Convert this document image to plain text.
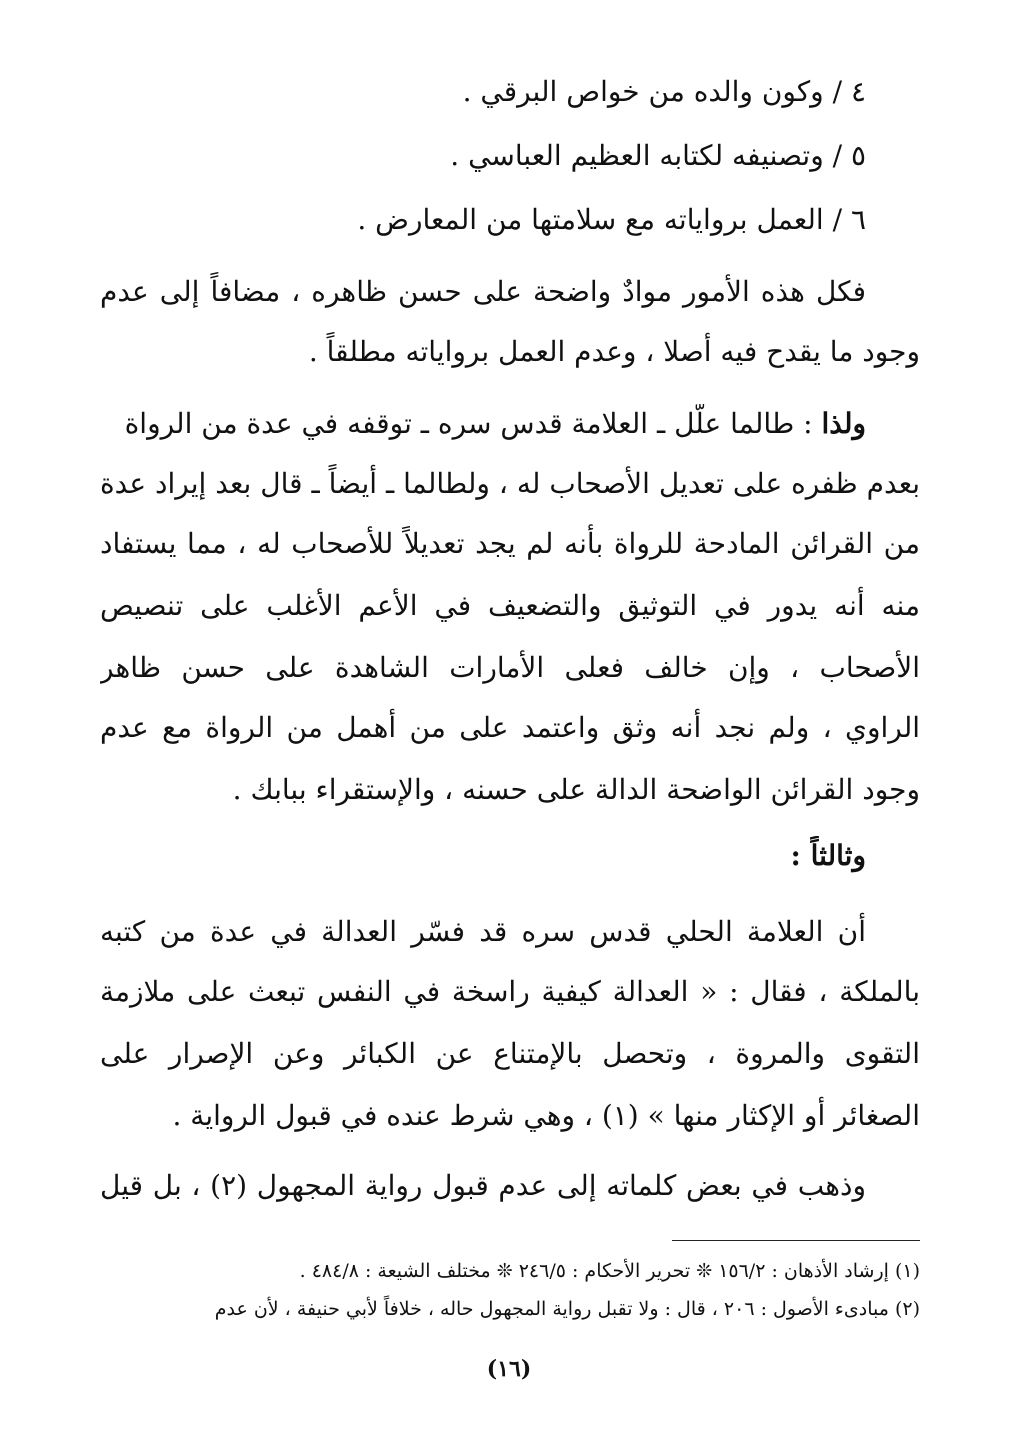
٤ / وكون والده من خواص البرقي .
٥ / وتصنيفه لكتابه العظيم العباسي .
٦ / العمل برواياته مع سلامتها من المعارض .
فكل هذه الأمور موادٌ واضحة على حسن ظاهره ، مضافاً إلى عدم
وجود ما يقدح فيه أصلا ، وعدم العمل برواياته مطلقاً .
ولذا : طالما علّل ـ العلامة قدس سره ـ توقفه في عدة من الرواة
بعدم ظفره على تعديل الأصحاب له ، ولطالما ـ أيضاً ـ قال بعد إيراد عدة
من القرائن المادحة للرواة بأنه لم يجد تعديلاً للأصحاب له ، مما يستفاد
منه أنه يدور في التوثيق والتضعيف في الأعم الأغلب على تنصيص
الأصحاب ، وإن خالف فعلى الأمارات الشاهدة على حسن ظاهر
الراوي ، ولم نجد أنه وثق واعتمد على من أُهمل من الرواة مع عدم
وجود القرائن الواضحة الدالة على حسنه ، والإستقراء ببابك .
وثالثاً :
أن العلامة الحلي قدس سره قد فسّر العدالة في عدة من كتبه
بالملكة ، فقال : « العدالة كيفية راسخة في النفس تبعث على ملازمة
التقوى والمروة ، وتحصل بالإمتناع عن الكبائر وعن الإصرار على
الصغائر أو الإكثار منها » (١) ، وهي شرط عنده في قبول الرواية .
وذهب في بعض كلماته إلى عدم قبول رواية المجهول (٢) ، بل قيل
(١) إرشاد الأذهان : ١٥٦/٢ ❊ تحرير الأحكام : ٢٤٦/٥ ❊ مختلف الشيعة : ٤٨٤/٨ .
(٢) مبادىء الأصول : ٢٠٦ ، قال : ولا تقبل رواية المجهول حاله ، خلافاً لأبي حنيفة ، لأن عدم
(١٦)
